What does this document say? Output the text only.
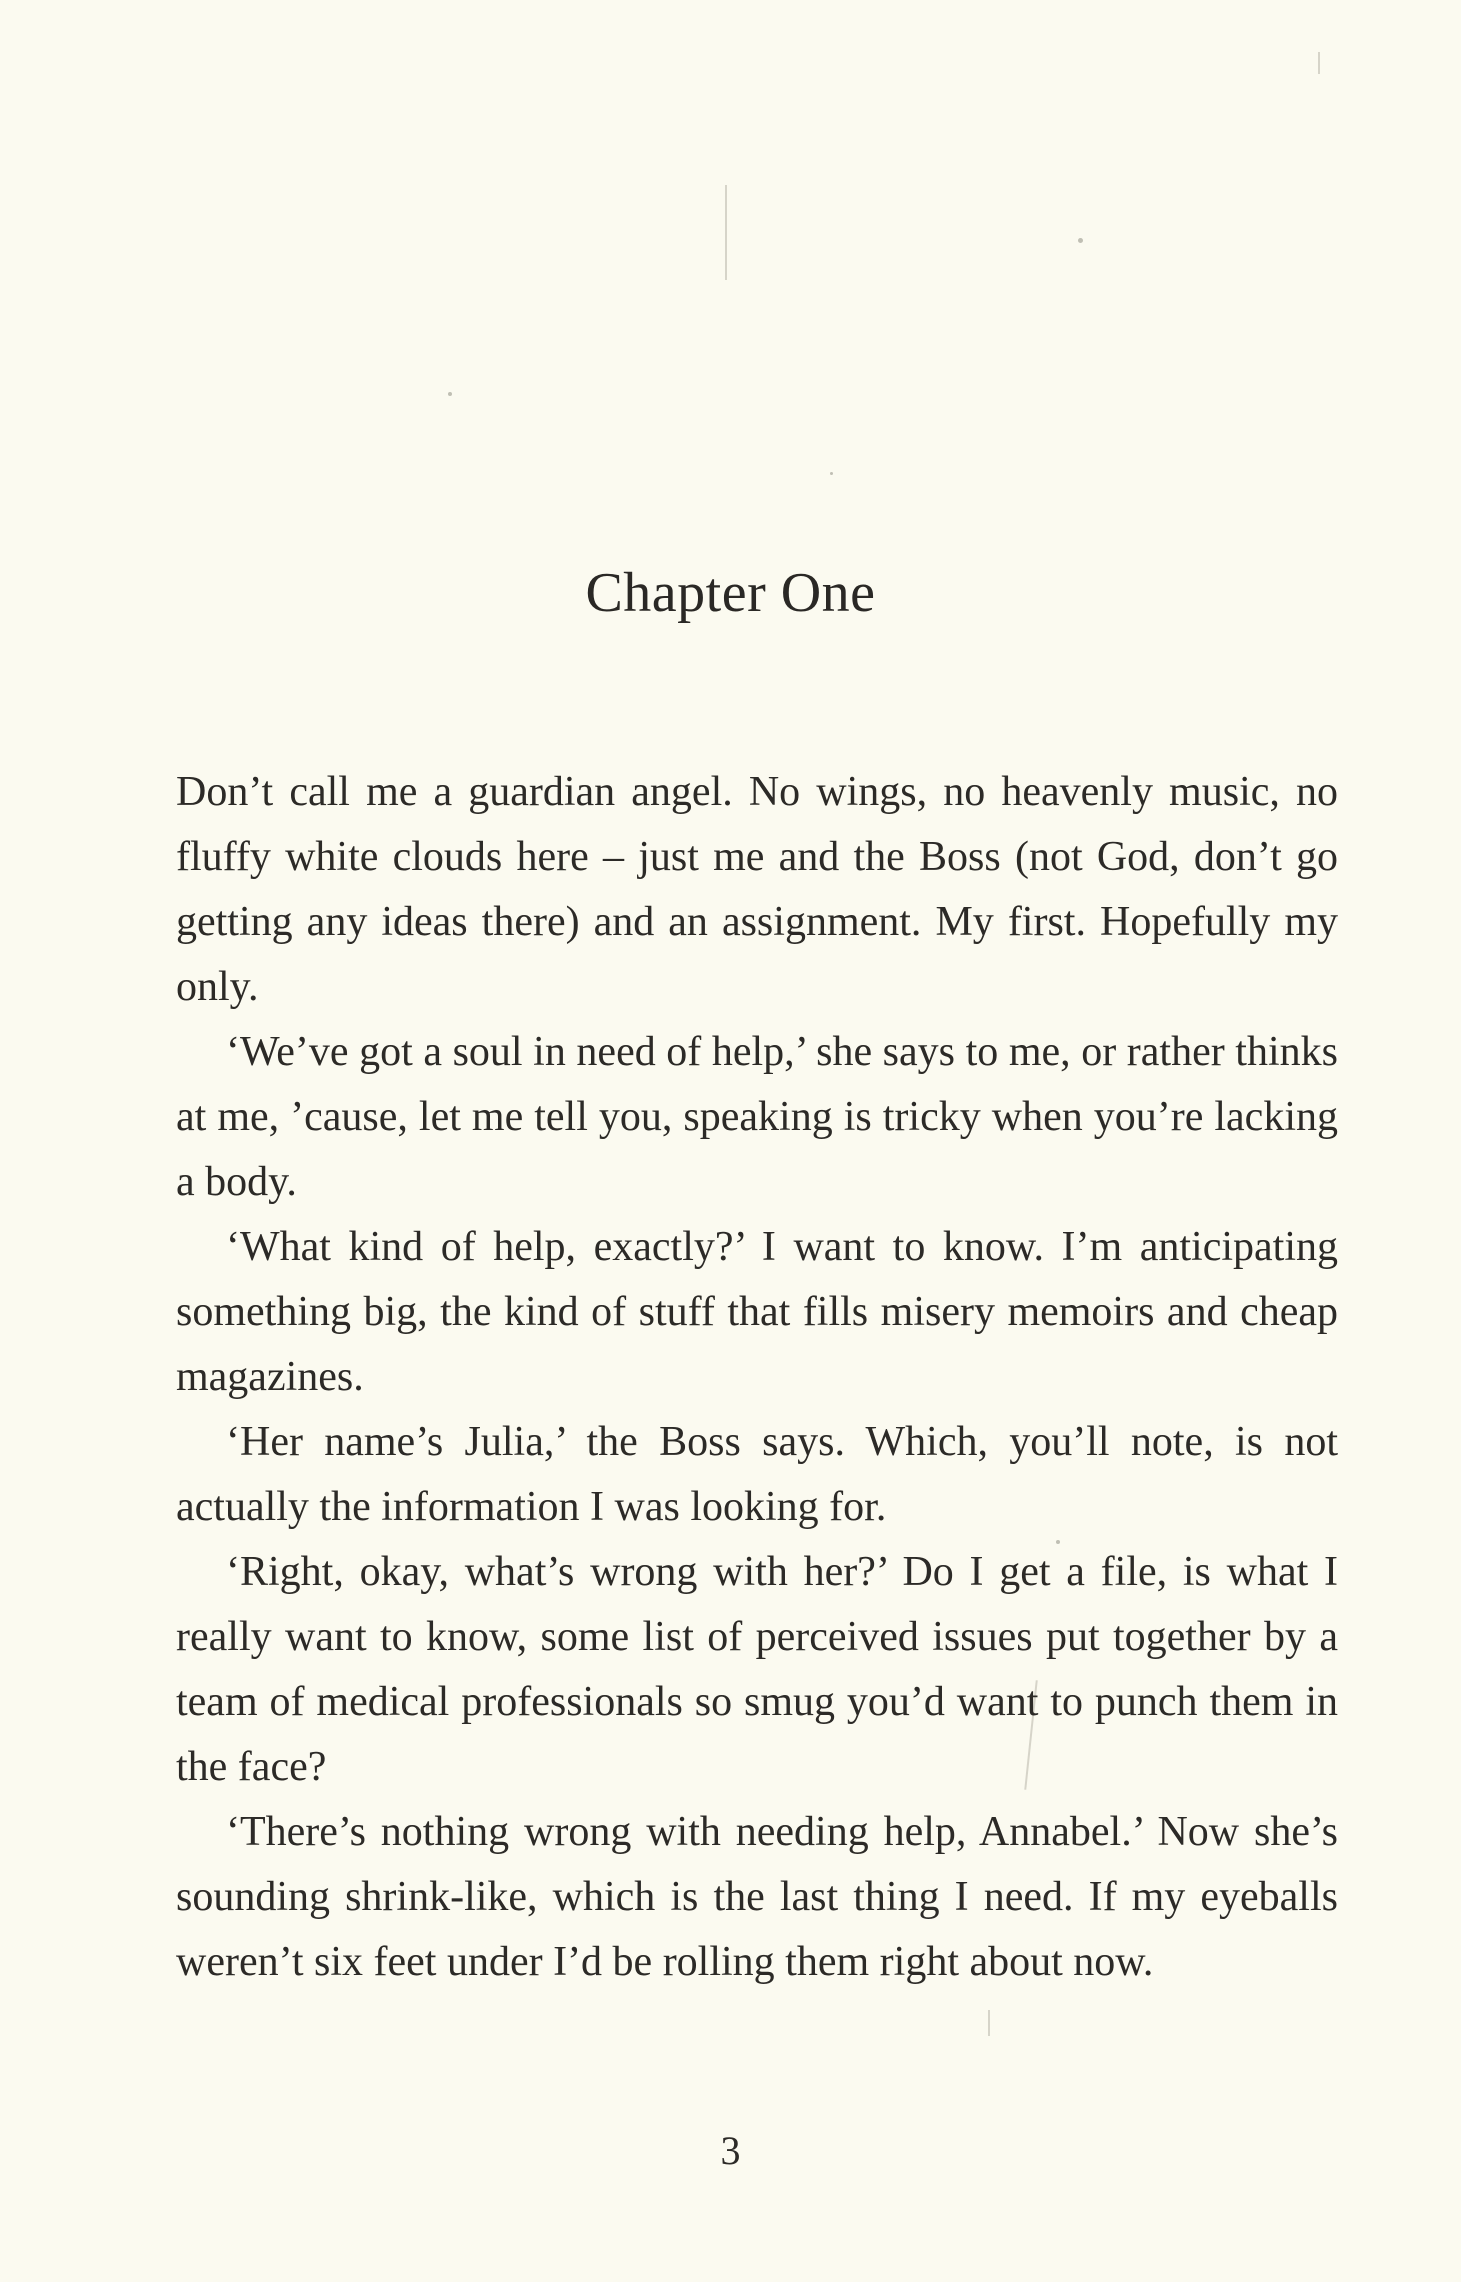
Chapter One

Don’t call me a guardian angel. No wings, no heavenly music, no fluffy white clouds here – just me and the Boss (not God, don’t go getting any ideas there) and an assignment. My first. Hopefully my only.

‘We’ve got a soul in need of help,’ she says to me, or rather thinks at me, ’cause, let me tell you, speaking is tricky when you’re lacking a body.

‘What kind of help, exactly?’ I want to know. I’m anticipating something big, the kind of stuff that fills misery memoirs and cheap magazines.

‘Her name’s Julia,’ the Boss says. Which, you’ll note, is not actually the information I was looking for.

‘Right, okay, what’s wrong with her?’ Do I get a file, is what I really want to know, some list of perceived issues put together by a team of medical professionals so smug you’d want to punch them in the face?

‘There’s nothing wrong with needing help, Annabel.’ Now she’s sounding shrink-like, which is the last thing I need. If my eyeballs weren’t six feet under I’d be rolling them right about now.

3
